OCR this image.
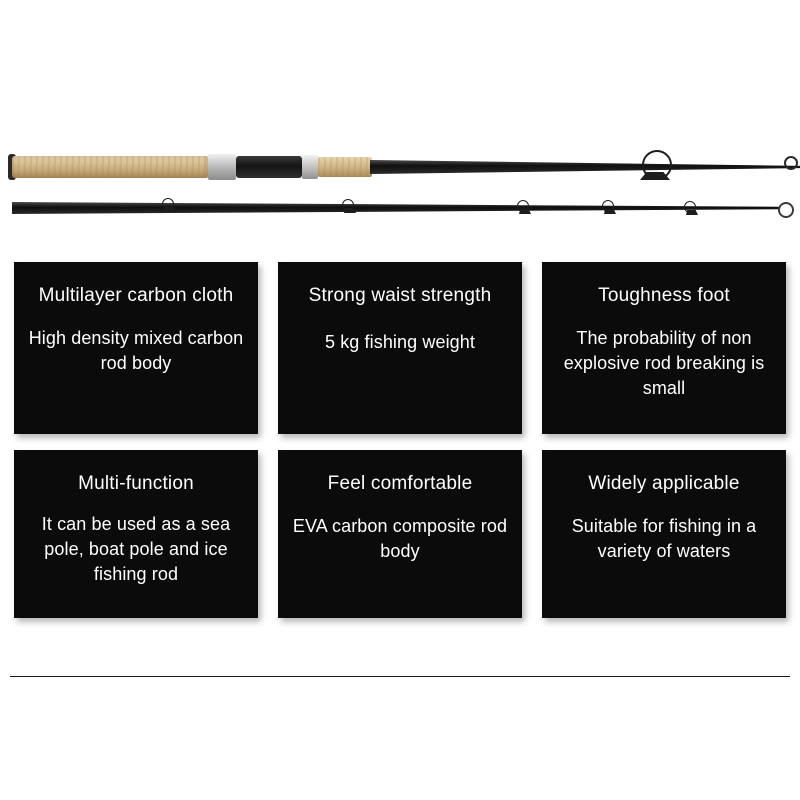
Multilayer carbon cloth
High density mixed carbon rod body
Strong waist strength
5 kg fishing weight
Toughness foot
The probability of non explosive rod breaking is small
Multi-function
It can be used as a sea pole, boat pole and ice fishing rod
Feel comfortable
EVA carbon composite rod body
Widely applicable
Suitable for fishing in a variety of waters
